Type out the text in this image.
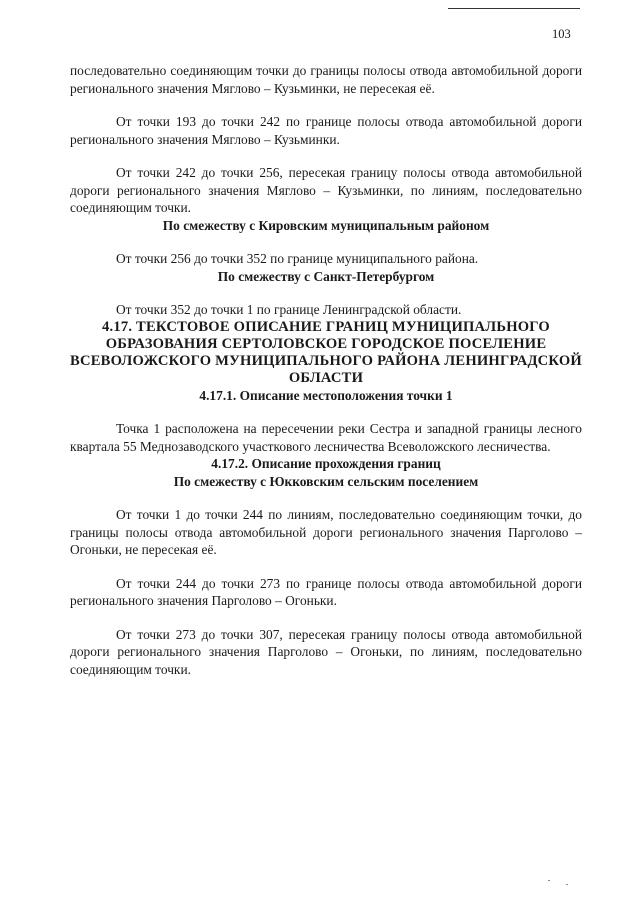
103

последовательно соединяющим точки до границы полосы отвода автомобильной дороги регионального значения Мяглово – Кузьминки, не пересекая её.

От точки 193 до точки 242 по границе полосы отвода автомобильной дороги регионального значения Мяглово – Кузьминки.

От точки 242 до точки 256, пересекая границу полосы отвода автомобильной дороги регионального значения Мяглово – Кузьминки, по линиям, последовательно соединяющим точки.

По смежеству с Кировским муниципальным районом

От точки 256 до точки 352 по границе муниципального района.

По смежеству с Санкт-Петербургом

От точки 352 до точки 1 по границе Ленинградской области.

4.17. ТЕКСТОВОЕ ОПИСАНИЕ ГРАНИЦ МУНИЦИПАЛЬНОГО ОБРАЗОВАНИЯ СЕРТОЛОВСКОЕ ГОРОДСКОЕ ПОСЕЛЕНИЕ ВСЕВОЛОЖСКОГО МУНИЦИПАЛЬНОГО РАЙОНА ЛЕНИНГРАДСКОЙ ОБЛАСТИ
4.17.1. Описание местоположения точки 1

Точка 1 расположена на пересечении реки Сестра и западной границы лесного квартала 55 Меднозаводского участкового лесничества Всеволожского лесничества.

4.17.2. Описание прохождения границ
По смежеству с Юкковским сельским поселением

От точки 1 до точки 244 по линиям, последовательно соединяющим точки, до границы полосы отвода автомобильной дороги регионального значения Парголово – Огоньки, не пересекая её.

От точки 244 до точки 273 по границе полосы отвода автомобильной дороги регионального значения Парголово – Огоньки.

От точки 273 до точки 307, пересекая границу полосы отвода автомобильной дороги регионального значения Парголово – Огоньки, по линиям, последовательно соединяющим точки.
